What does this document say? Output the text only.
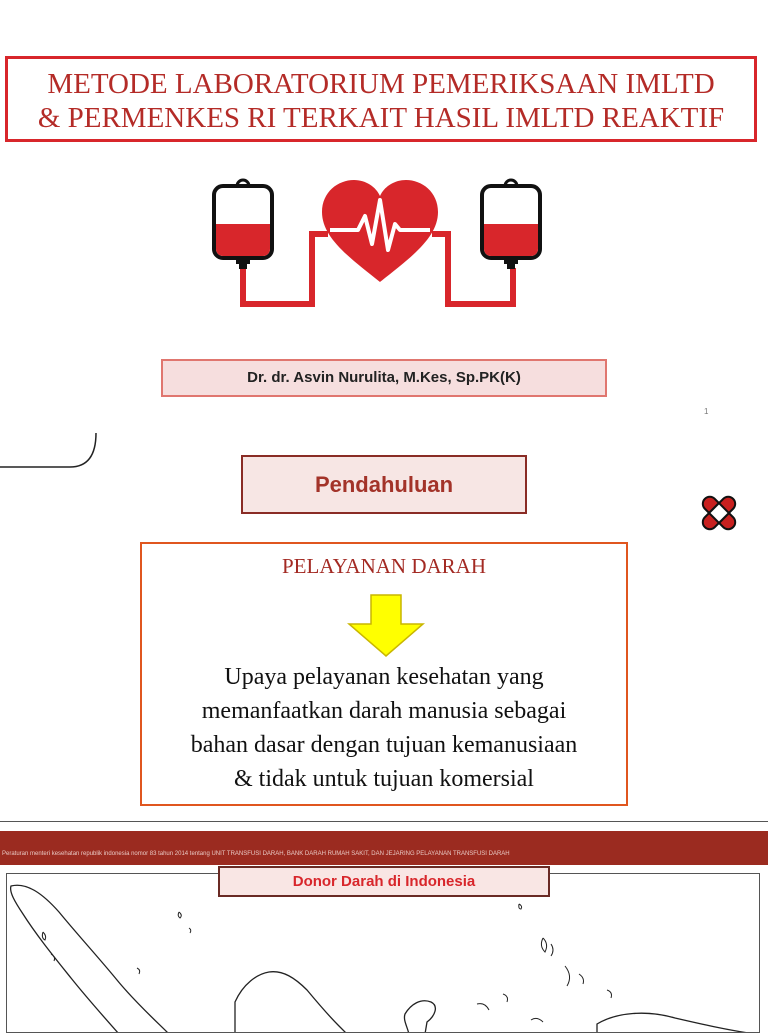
METODE LABORATORIUM PEMERIKSAAN IMLTD
& PERMENKES RI TERKAIT HASIL IMLTD REAKTIF
Dr. dr. Asvin Nurulita, M.Kes, Sp.PK(K)
1
Pendahuluan
PELAYANAN DARAH
Upaya pelayanan kesehatan yang
memanfaatkan darah manusia sebagai
bahan dasar dengan tujuan kemanusiaan
& tidak untuk tujuan komersial
Peraturan menteri kesehatan republik indonesia nomor 83 tahun 2014 tentang UNIT TRANSFUSI DARAH, BANK DARAH RUMAH SAKIT, DAN JEJARING PELAYANAN TRANSFUSI DARAH
Donor Darah di Indonesia
